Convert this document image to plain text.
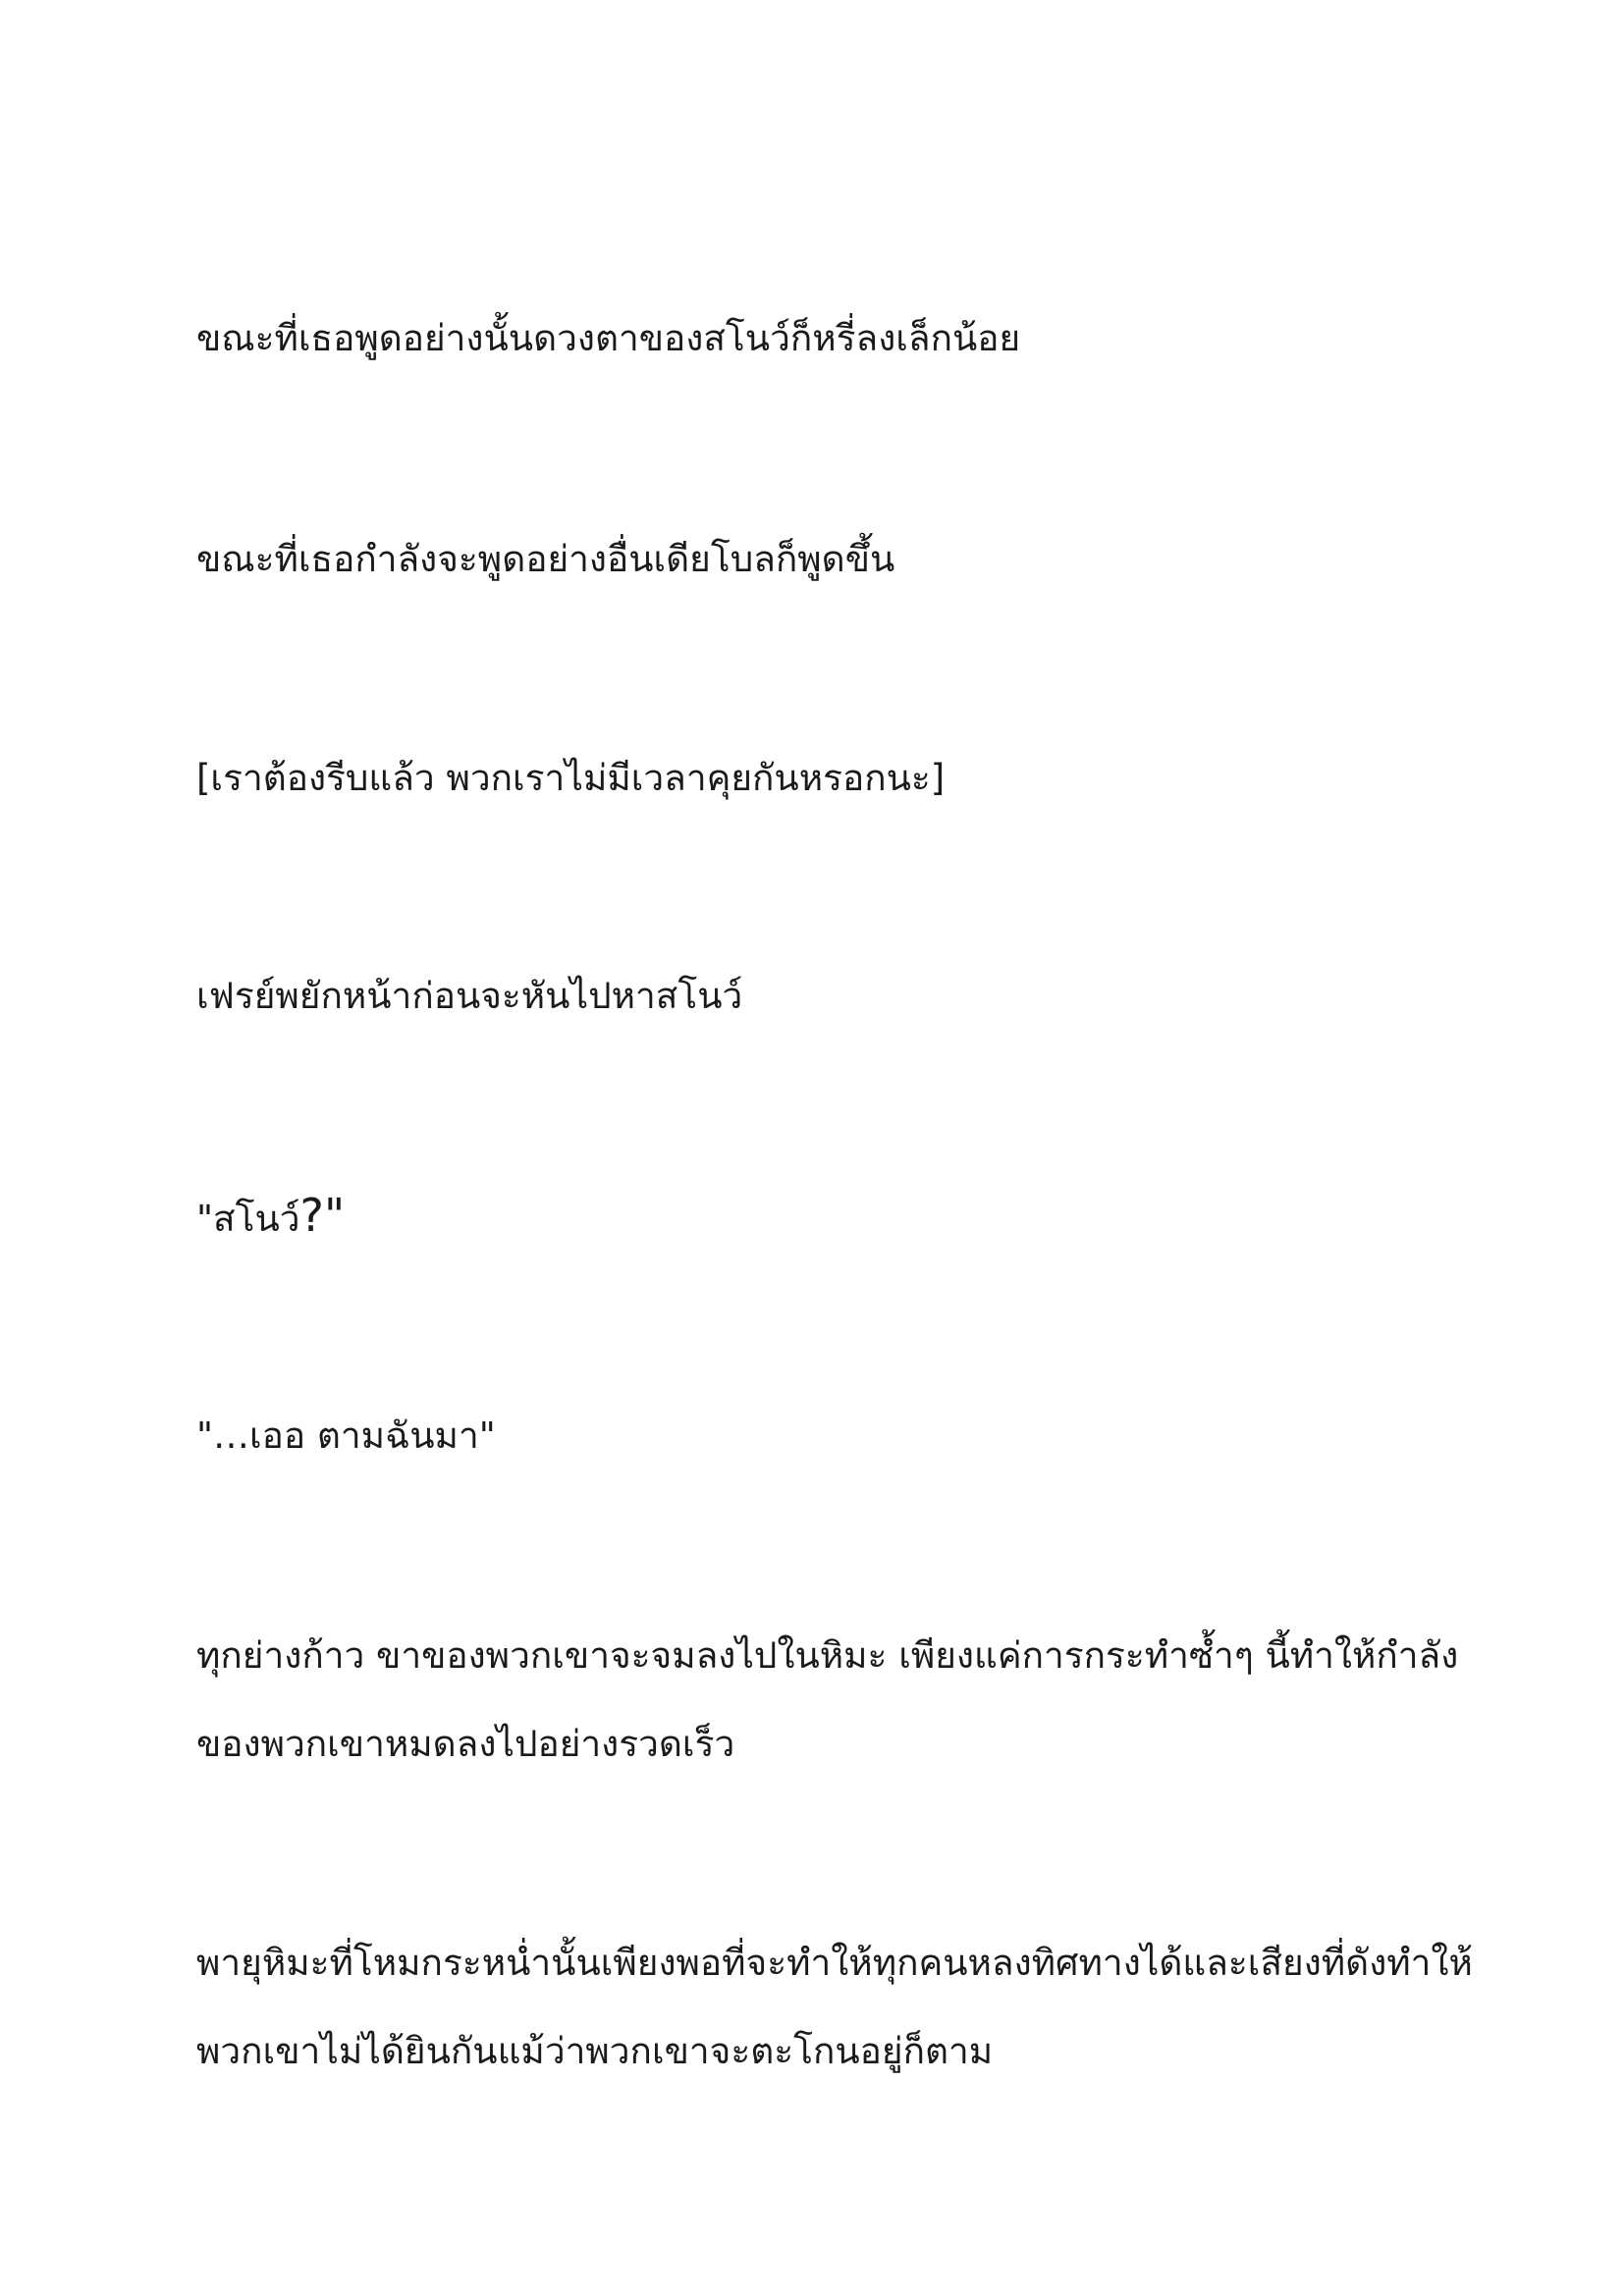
ขณะที่เธอพูดอย่างนั้นดวงตาของสโนว์ก็หรี่ลงเล็กน้อย

ขณะที่เธอกำลังจะพูดอย่างอื่นเดียโบลก็พูดขึ้น

[เราต้องรีบแล้ว พวกเราไม่มีเวลาคุยกันหรอกนะ]

เฟรย์พยักหน้าก่อนจะหันไปหาสโนว์

"สโนว์?"

"…เออ ตามฉันมา"

ทุกย่างก้าว ขาของพวกเขาจะจมลงไปในหิมะ เพียงแค่การกระทำซ้ำๆ นี้ทำให้กำลัง

ของพวกเขาหมดลงไปอย่างรวดเร็ว

พายุหิมะที่โหมกระหน่ำนั้นเพียงพอที่จะทำให้ทุกคนหลงทิศทางได้และเสียงที่ดังทำให้

พวกเขาไม่ได้ยินกันแม้ว่าพวกเขาจะตะโกนอยู่ก็ตาม
